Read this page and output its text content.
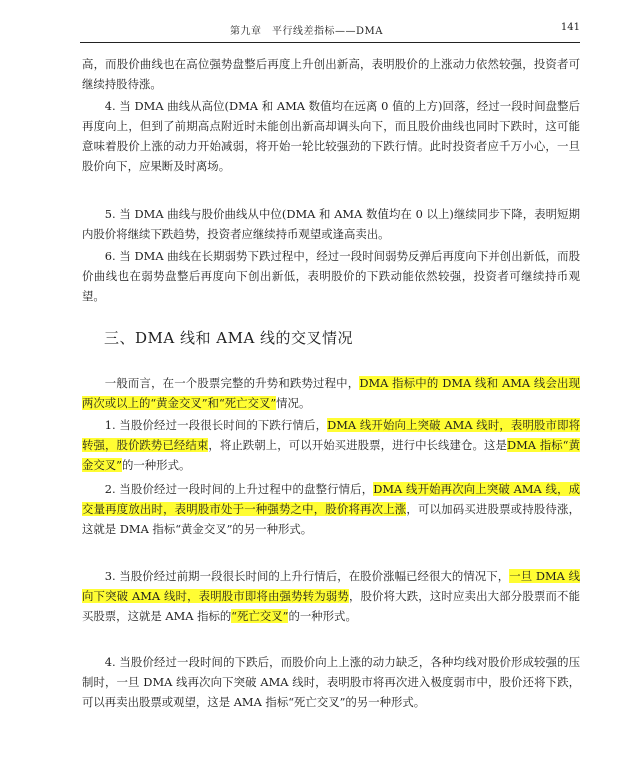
第九章　平行线差指标——DMA	141

高，而股价曲线也在高位强势盘整后再度上升创出新高，表明股价的上涨动力依然较强，投资者可继续持股待涨。

4. 当 DMA 曲线从高位(DMA 和 AMA 数值均在远离 0 值的上方)回落，经过一段时间盘整后再度向上，但到了前期高点附近时未能创出新高却调头向下，而且股价曲线也同时下跌时，这可能意味着股价上涨的动力开始减弱，将开始一轮比较强劲的下跌行情。此时投资者应千万小心，一旦股价向下，应果断及时离场。

5. 当 DMA 曲线与股价曲线从中位(DMA 和 AMA 数值均在 0 以上)继续同步下降，表明短期内股价将继续下跌趋势，投资者应继续持币观望或逢高卖出。

6. 当 DMA 曲线在长期弱势下跌过程中，经过一段时间弱势反弹后再度向下并创出新低，而股价曲线也在弱势盘整后再度向下创出新低，表明股价的下跌动能依然较强，投资者可继续持币观望。

三、DMA 线和 AMA 线的交叉情况

一般而言，在一个股票完整的升势和跌势过程中，DMA 指标中的 DMA 线和 AMA 线会出现两次或以上的“黄金交叉”和“死亡交叉”情况。

1. 当股价经过一段很长时间的下跌行情后，DMA 线开始向上突破 AMA 线时，表明股市即将转强，股价跌势已经结束，将止跌朝上，可以开始买进股票，进行中长线建仓。这是DMA 指标“黄金交叉”的一种形式。

2. 当股价经过一段时间的上升过程中的盘整行情后，DMA 线开始再次向上突破 AMA 线，成交量再度放出时，表明股市处于一种强势之中，股价将再次上涨，可以加码买进股票或持股待涨，这就是 DMA 指标“黄金交叉”的另一种形式。

3. 当股价经过前期一段很长时间的上升行情后，在股价涨幅已经很大的情况下，一旦 DMA 线向下突破 AMA 线时，表明股市即将由强势转为弱势，股价将大跌，这时应卖出大部分股票而不能买股票，这就是 AMA 指标的“死亡交叉”的一种形式。

4. 当股价经过一段时间的下跌后，而股价向上上涨的动力缺乏，各种均线对股价形成较强的压制时，一旦 DMA 线再次向下突破 AMA 线时，表明股市将再次进入极度弱市中，股价还将下跌，可以再卖出股票或观望，这是 AMA 指标“死亡交叉”的另一种形式。
